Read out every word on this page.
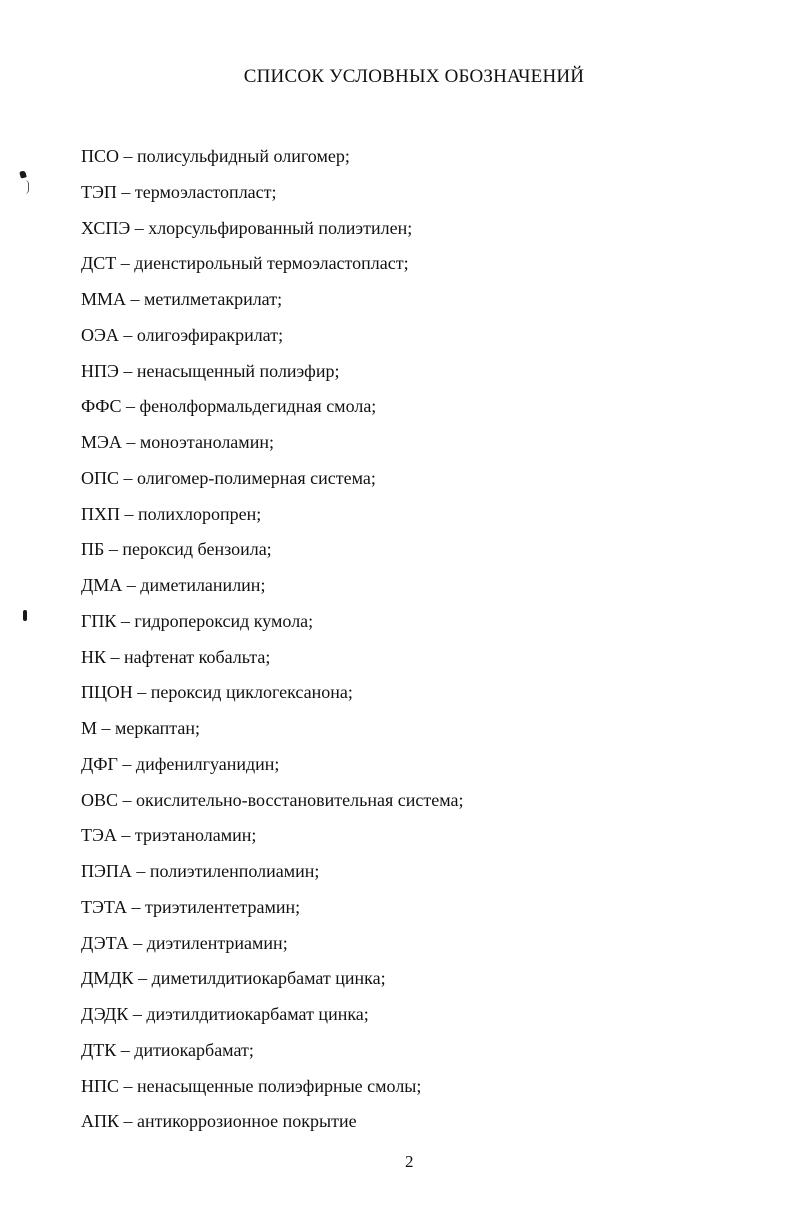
СПИСОК УСЛОВНЫХ ОБОЗНАЧЕНИЙ
ПСО – полисульфидный олигомер;
ТЭП – термоэластопласт;
ХСПЭ – хлорсульфированный полиэтилен;
ДСТ – диенстирольный термоэластопласт;
ММА – метилметакрилат;
ОЭА – олигоэфиракрилат;
НПЭ – ненасыщенный полиэфир;
ФФС – фенолформальдегидная смола;
МЭА – моноэтаноламин;
ОПС – олигомер-полимерная система;
ПХП – полихлоропрен;
ПБ – пероксид бензоила;
ДМА – диметиланилин;
ГПК – гидропероксид кумола;
НК – нафтенат кобальта;
ПЦОН – пероксид циклогексанона;
М – меркаптан;
ДФГ – дифенилгуанидин;
ОВС – окислительно-восстановительная система;
ТЭА – триэтаноламин;
ПЭПА – полиэтиленполиамин;
ТЭТА – триэтилентетрамин;
ДЭТА – диэтилентриамин;
ДМДК – диметилдитиокарбамат цинка;
ДЭДК – диэтилдитиокарбамат цинка;
ДТК – дитиокарбамат;
НПС – ненасыщенные полиэфирные смолы;
АПК – антикоррозионное покрытие
2
